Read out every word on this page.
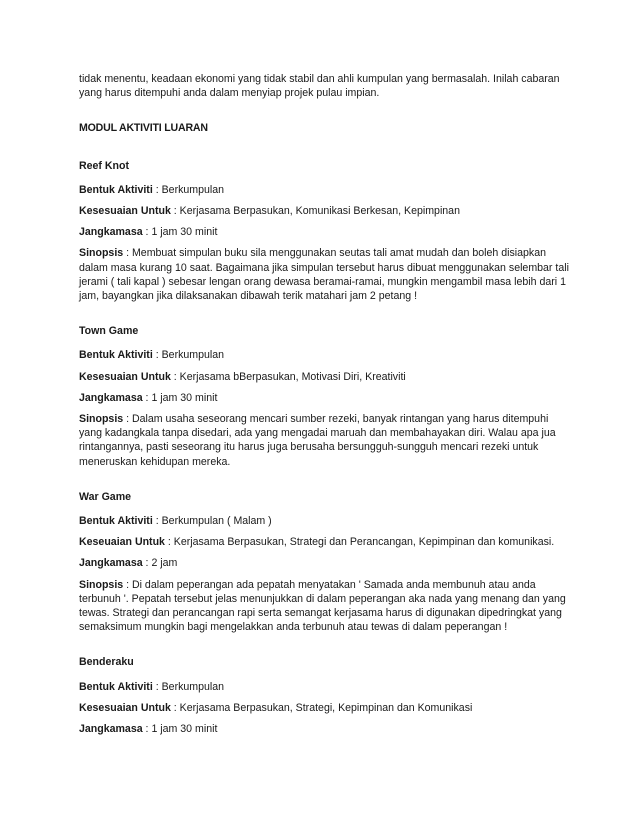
tidak menentu, keadaan ekonomi yang tidak stabil dan ahli kumpulan yang bermasalah. Inilah cabaran yang harus ditempuhi anda dalam menyiap projek pulau impian.

MODUL AKTIVITI LUARAN

Reef Knot

Bentuk Aktiviti : Berkumpulan

Kesesuaian Untuk : Kerjasama Berpasukan, Komunikasi Berkesan, Kepimpinan

Jangkamasa : 1 jam 30 minit

Sinopsis : Membuat simpulan buku sila menggunakan seutas tali amat mudah dan boleh disiapkan dalam masa kurang 10 saat. Bagaimana jika simpulan tersebut harus dibuat menggunakan selembar tali jerami ( tali kapal ) sebesar lengan orang dewasa beramai-ramai, mungkin mengambil masa lebih dari 1 jam, bayangkan jika dilaksanakan dibawah terik matahari jam 2 petang !

Town Game

Bentuk Aktiviti : Berkumpulan

Kesesuaian Untuk : Kerjasama bBerpasukan, Motivasi Diri, Kreativiti

Jangkamasa : 1 jam 30 minit

Sinopsis : Dalam usaha seseorang mencari sumber rezeki, banyak rintangan yang harus ditempuhi yang kadangkala tanpa disedari, ada yang mengadai maruah dan membahayakan diri. Walau apa jua rintangannya, pasti seseorang itu harus juga berusaha bersungguh-sungguh mencari rezeki untuk meneruskan kehidupan mereka.

War Game

Bentuk Aktiviti : Berkumpulan ( Malam )

Keseuaian Untuk : Kerjasama Berpasukan, Strategi dan Perancangan, Kepimpinan dan komunikasi.

Jangkamasa : 2 jam

Sinopsis : Di dalam peperangan ada pepatah menyatakan ' Samada anda membunuh atau anda terbunuh '. Pepatah tersebut jelas menunjukkan di dalam peperangan aka nada yang menang dan yang tewas. Strategi dan perancangan rapi serta semangat kerjasama harus di digunakan dipedringkat yang semaksimum mungkin bagi mengelakkan anda terbunuh atau tewas di dalam peperangan !

Benderaku

Bentuk Aktiviti : Berkumpulan

Kesesuaian Untuk : Kerjasama Berpasukan, Strategi, Kepimpinan dan Komunikasi

Jangkamasa : 1 jam 30 minit
